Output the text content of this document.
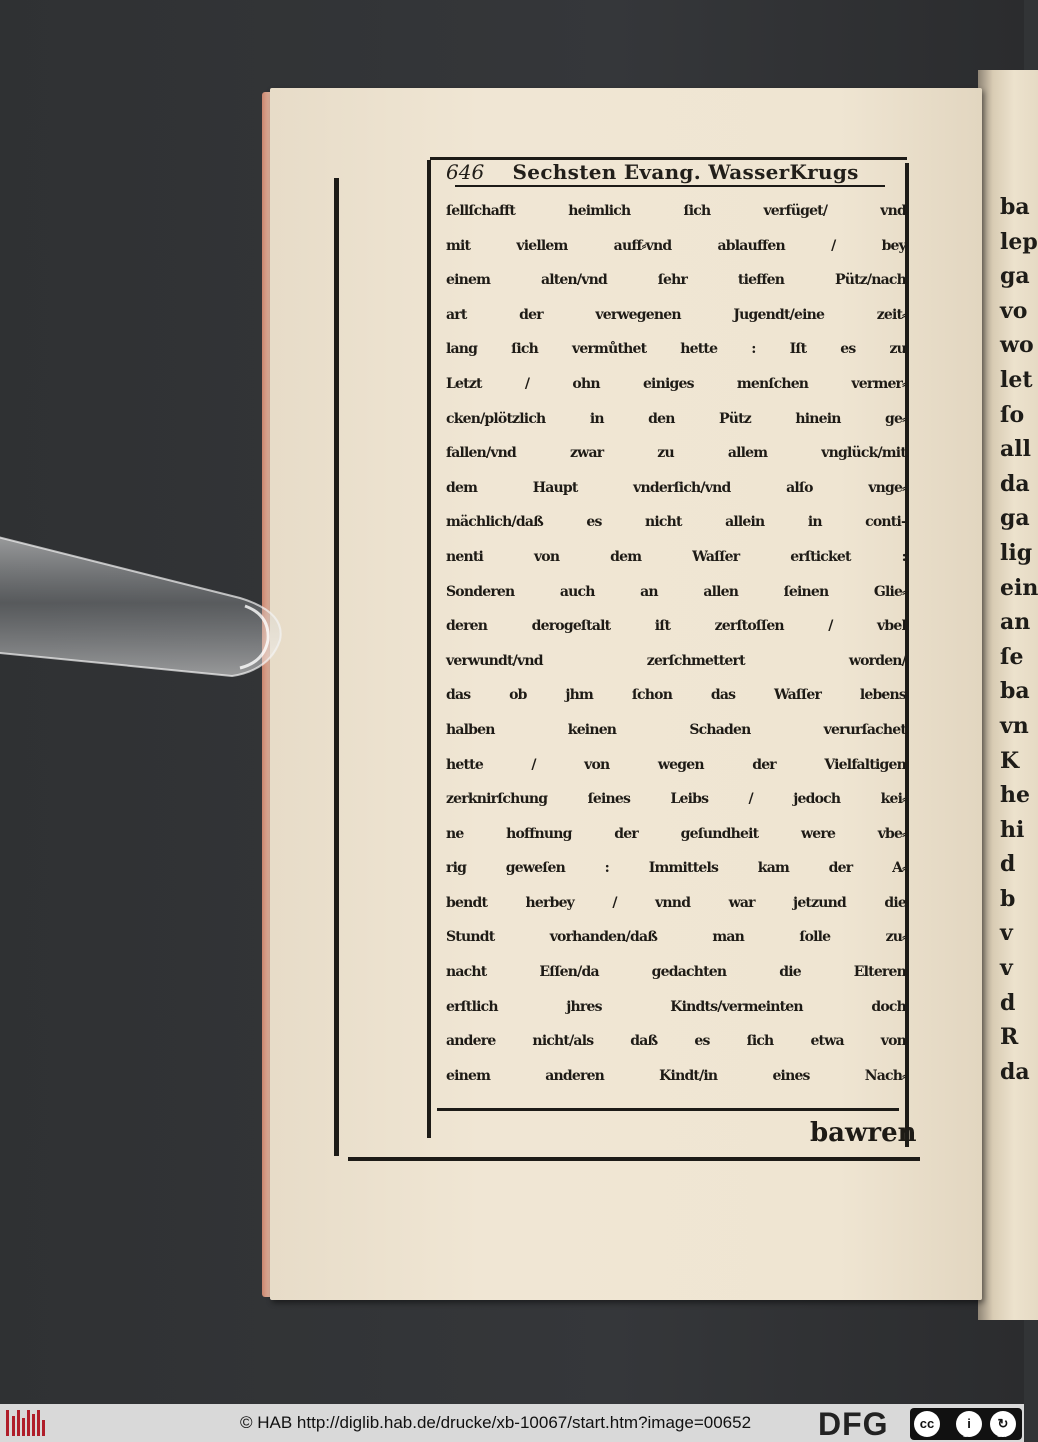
ba
lep
ga
vo
wo
let
ſo
all
da
ga
lig
ein
an
ſe
ba
vn
K
he
hi
d
b
v
v
d
R
da
646 Sechsten Evang. WasserKrugs
ſellſchafft heimlich ſich verfüget/ vnd
mit viellem auff⸗vnd ablauffen / bey
einem alten/vnd ſehr tieffen Pütz/nach
art der verwegenen Jugendt/eine zeit⸗
lang ſich vermůthet hette : Iſt es zu
Letzt / ohn einiges menſchen vermer⸗
cken/plötzlich in den Pütz hinein ge⸗
fallen/vnd zwar zu allem vnglück/mit
dem Haupt vnderſich/vnd alſo vnge⸗
mächlich/daß es nicht allein in conti-
nenti von dem Waſſer erſticket :
Sonderen auch an allen ſeinen Glie⸗
deren derogeſtalt iſt zerſtoſſen / vbel
verwundt/vnd zerſchmettert worden/
das ob jhm ſchon das Waſſer lebens
halben keinen Schaden verurſachet
hette / von wegen der Vielfaltigen
zerknirſchung ſeines Leibs / jedoch kei⸗
ne hoffnung der geſundheit were vbe⸗
rig geweſen : Immittels kam der A⸗
bendt herbey / vnnd war jetzund die
Stundt vorhanden/daß man ſolle zu⸗
nacht Eſſen/da gedachten die Elteren
erſtlich jhres Kindts/vermeinten doch
andere nicht/als daß es ſich etwa von
einem anderen Kindt/in eines Nach⸗
bawren
© HAB http://diglib.hab.de/drucke/xb-10067/start.htm?image=00652 DFG	cc	i	↻
BY	SA
